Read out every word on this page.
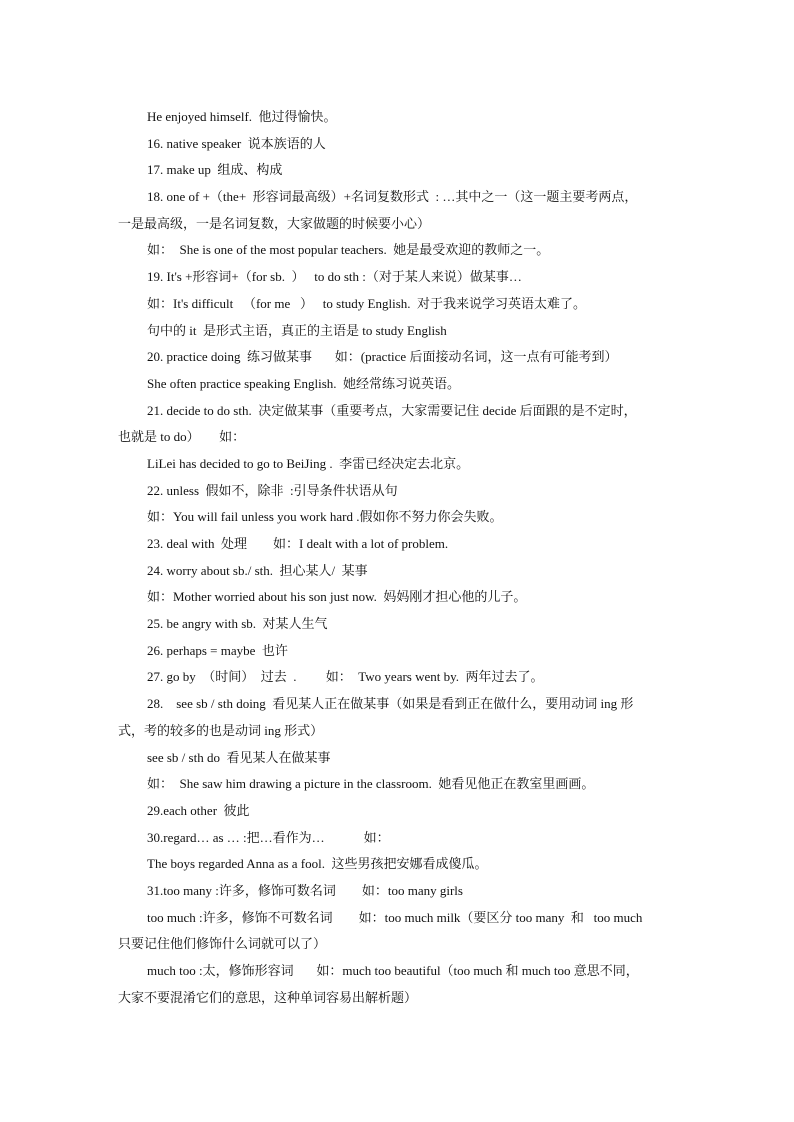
He enjoyed himself.  他过得愉快。

16. native speaker  说本族语的人

17. make up  组成、构成

18. one of +（the+  形容词最高级）+名词复数形式  : …其中之一（这一题主要考两点，

一是最高级，一是名词复数，大家做题的时候要小心）

如：  She is one of the most popular teachers.  她是最受欢迎的教师之一。

19. It's +形容词+（for sb.  ）   to do sth :（对于某人来说）做某事…

如：It's difficult   （for me   ）   to study English.  对于我来说学习英语太难了。

句中的 it  是形式主语，真正的主语是 to study English

20. practice doing  练习做某事       如：(practice 后面接动名词，这一点有可能考到）

She often practice speaking English.  她经常练习说英语。

21. decide to do sth.  决定做某事（重要考点，大家需要记住 decide 后面跟的是不定时，

也就是 to do）      如：

LiLei has decided to go to BeiJing .  李雷已经决定去北京。

22. unless  假如不，除非  :引导条件状语从句

如：You will fail unless you work hard .假如你不努力你会失败。

23. deal with  处理        如：I dealt with a lot of problem.

24. worry about sb./ sth.  担心某人/  某事

如：Mother worried about his son just now.  妈妈刚才担心他的儿子。

25. be angry with sb.  对某人生气

26. perhaps = maybe  也许

27. go by  （时间）  过去  .         如：  Two years went by.  两年过去了。

28.    see sb / sth doing  看见某人正在做某事（如果是看到正在做什么，要用动词 ing 形

式，考的较多的也是动词 ing 形式）

see sb / sth do  看见某人在做某事

如：  She saw him drawing a picture in the classroom.  她看见他正在教室里画画。

29.each other  彼此

30.regard… as … :把…看作为…            如：

The boys regarded Anna as a fool.  这些男孩把安娜看成傻瓜。

31.too many :许多，修饰可数名词        如：too many girls

too much :许多，修饰不可数名词        如：too much milk（要区分 too many  和   too much

只要记住他们修饰什么词就可以了）

much too :太，修饰形容词       如：much too beautiful（too much 和 much too 意思不同，

大家不要混淆它们的意思，这种单词容易出解析题）
